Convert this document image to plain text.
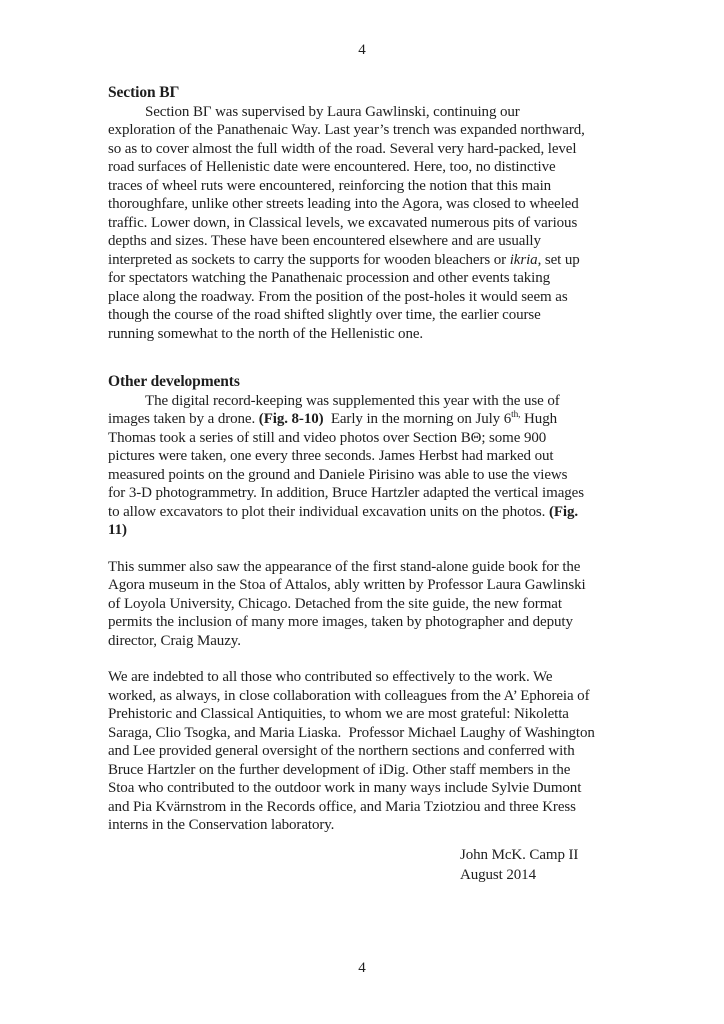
4
Section ΒΓ
Section ΒΓ was supervised by Laura Gawlinski, continuing our
exploration of the Panathenaic Way. Last year’s trench was expanded northward,
so as to cover almost the full width of the road. Several very hard-packed, level
road surfaces of Hellenistic date were encountered. Here, too, no distinctive
traces of wheel ruts were encountered, reinforcing the notion that this main
thoroughfare, unlike other streets leading into the Agora, was closed to wheeled
traffic. Lower down, in Classical levels, we excavated numerous pits of various
depths and sizes. These have been encountered elsewhere and are usually
interpreted as sockets to carry the supports for wooden bleachers or ikria, set up
for spectators watching the Panathenaic procession and other events taking
place along the roadway. From the position of the post-holes it would seem as
though the course of the road shifted slightly over time, the earlier course
running somewhat to the north of the Hellenistic one.
Other developments
The digital record-keeping was supplemented this year with the use of
images taken by a drone. (Fig. 8-10)  Early in the morning on July $6^{th,}$ Hugh
Thomas took a series of still and video photos over Section ΒΘ; some 900
pictures were taken, one every three seconds. James Herbst had marked out
measured points on the ground and Daniele Pirisino was able to use the views
for 3-D photogrammetry. In addition, Bruce Hartzler adapted the vertical images
to allow excavators to plot their individual excavation units on the photos. (Fig.
11)
This summer also saw the appearance of the first stand-alone guide book for the
Agora museum in the Stoa of Attalos, ably written by Professor Laura Gawlinski
of Loyola University, Chicago. Detached from the site guide, the new format
permits the inclusion of many more images, taken by photographer and deputy
director, Craig Mauzy.
We are indebted to all those who contributed so effectively to the work. We
worked, as always, in close collaboration with colleagues from the A’ Ephoreia of
Prehistoric and Classical Antiquities, to whom we are most grateful: Nikoletta
Saraga, Clio Tsogka, and Maria Liaska.  Professor Michael Laughy of Washington
and Lee provided general oversight of the northern sections and conferred with
Bruce Hartzler on the further development of iDig. Other staff members in the
Stoa who contributed to the outdoor work in many ways include Sylvie Dumont
and Pia Kvärnstrom in the Records office, and Maria Tziotziou and three Kress
interns in the Conservation laboratory.
John McK. Camp II
August 2014
4
